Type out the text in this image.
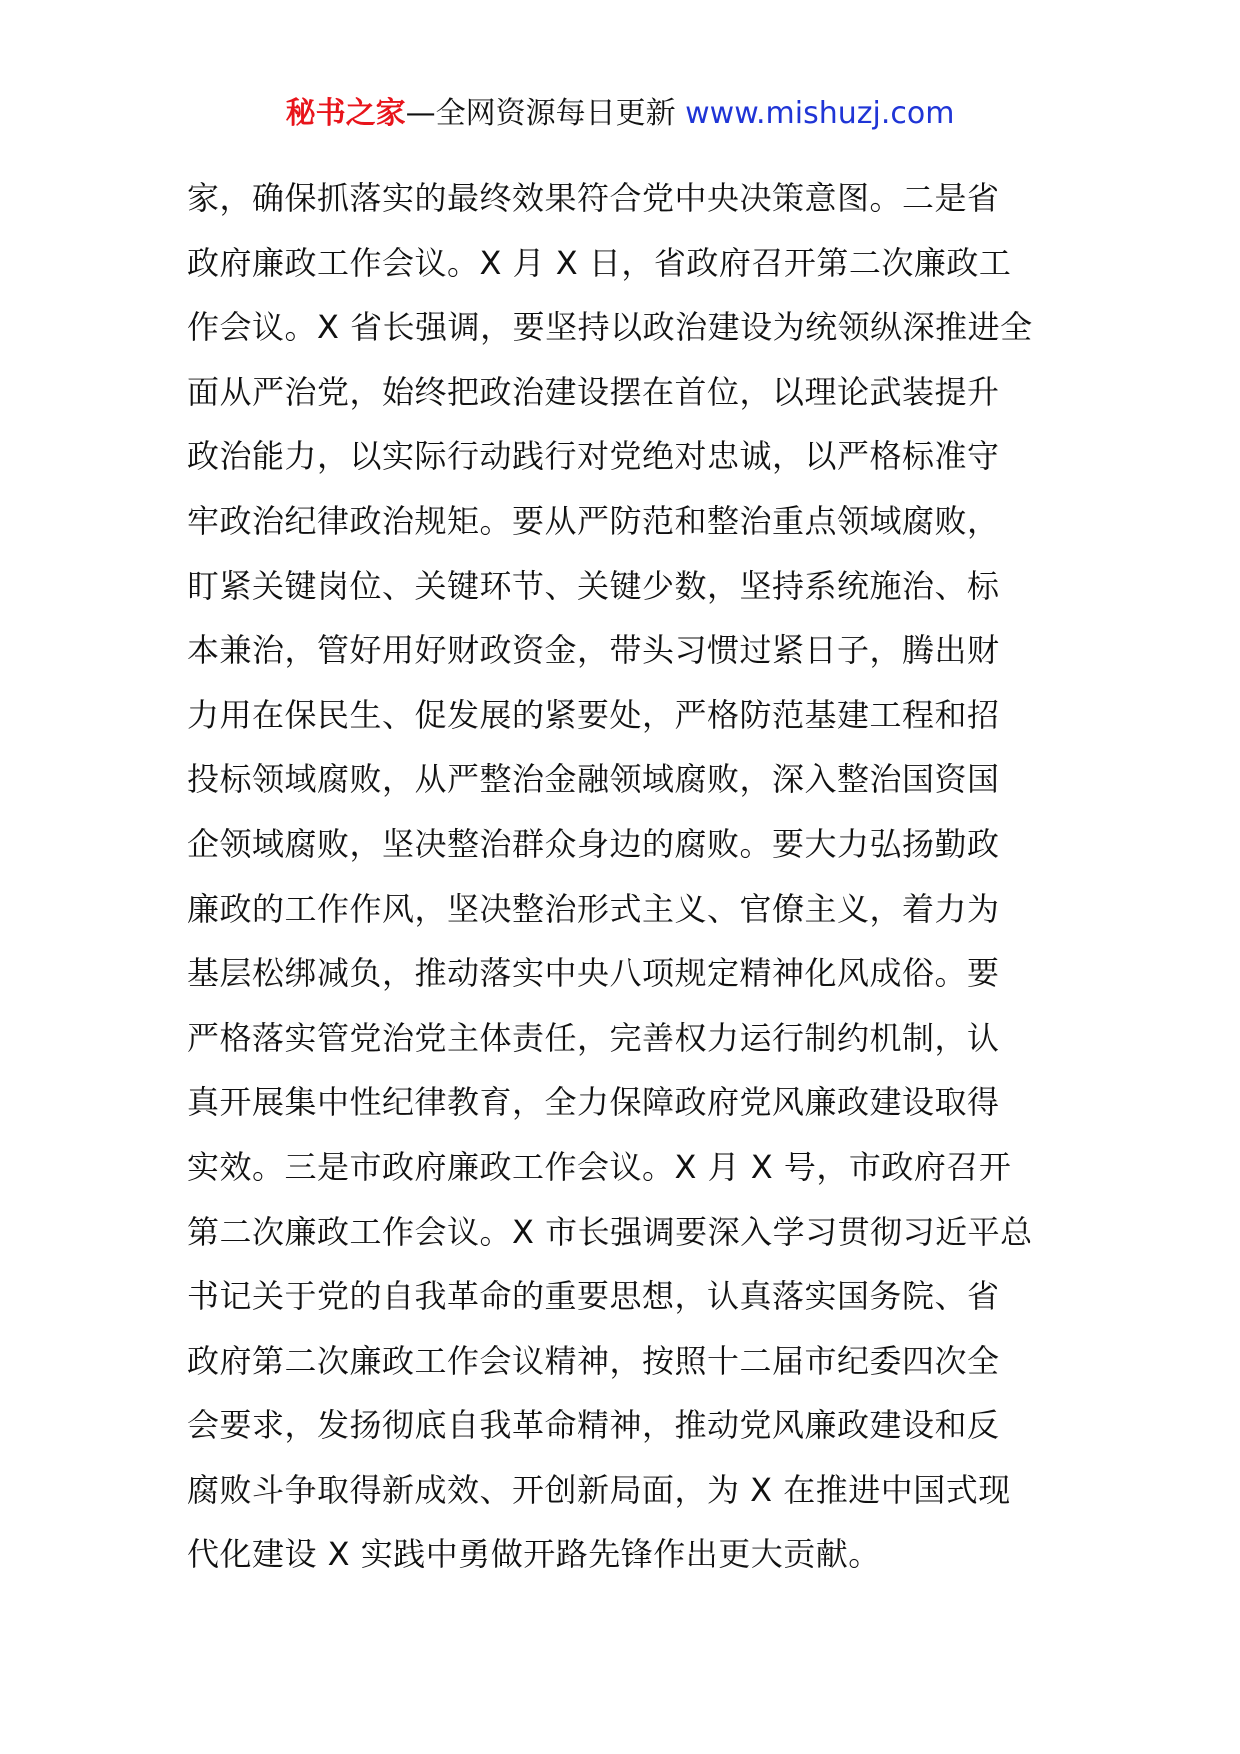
秘书之家—全网资源每日更新 www.mishuzj.com
家，确保抓落实的最终效果符合党中央决策意图。二是省
政府廉政工作会议。X 月 X 日，省政府召开第二次廉政工
作会议。X 省长强调，要坚持以政治建设为统领纵深推进全
面从严治党，始终把政治建设摆在首位，以理论武装提升
政治能力，以实际行动践行对党绝对忠诚，以严格标准守
牢政治纪律政治规矩。要从严防范和整治重点领域腐败，
盯紧关键岗位、关键环节、关键少数，坚持系统施治、标
本兼治，管好用好财政资金，带头习惯过紧日子，腾出财
力用在保民生、促发展的紧要处，严格防范基建工程和招
投标领域腐败，从严整治金融领域腐败，深入整治国资国
企领域腐败，坚决整治群众身边的腐败。要大力弘扬勤政
廉政的工作作风，坚决整治形式主义、官僚主义，着力为
基层松绑减负，推动落实中央八项规定精神化风成俗。要
严格落实管党治党主体责任，完善权力运行制约机制，认
真开展集中性纪律教育，全力保障政府党风廉政建设取得
实效。三是市政府廉政工作会议。X 月 X 号，市政府召开
第二次廉政工作会议。X 市长强调要深入学习贯彻习近平总
书记关于党的自我革命的重要思想，认真落实国务院、省
政府第二次廉政工作会议精神，按照十二届市纪委四次全
会要求，发扬彻底自我革命精神，推动党风廉政建设和反
腐败斗争取得新成效、开创新局面，为 X 在推进中国式现
代化建设 X 实践中勇做开路先锋作出更大贡献。
